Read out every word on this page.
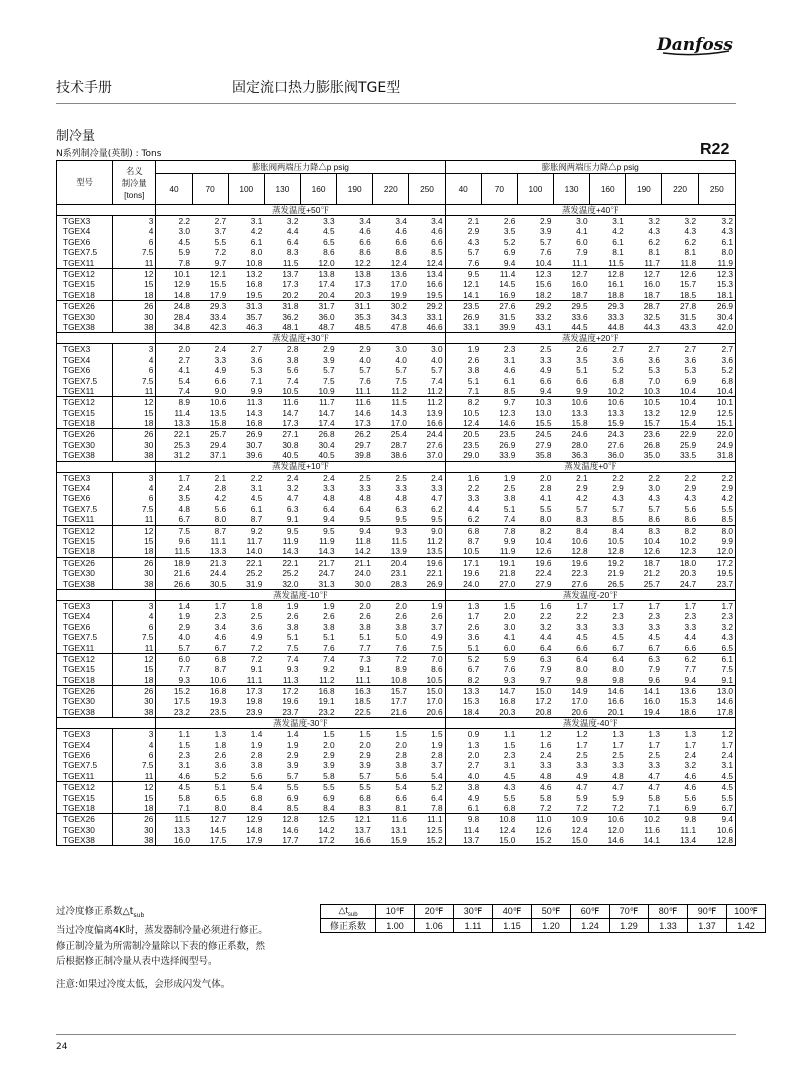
Danfoss
技术手册	固定流口热力膨胀阀TGE型
制冷量
N系列制冷量(英制) : Tons	R22
型号	名义
制冷量
[tons]	膨胀阀两端压力降△p psig								膨胀阀两端压力降△p psig							
		40	70	100	130	160	190	220	250	40	70	100	130	160	190	220	250
		蒸发温度+50℉								蒸发温度+40℉							
TGEX3	3	2.2	2.7	3.1	3.2	3.3	3.4	3.4	3.4	2.1	2.6	2.9	3.0	3.1	3.2	3.2	3.2
TGEX4	4	3.0	3.7	4.2	4.4	4.5	4.6	4.6	4.6	2.9	3.5	3.9	4.1	4.2	4.3	4.3	4.3
TGEX6	6	4.5	5.5	6.1	6.4	6.5	6.6	6.6	6.6	4.3	5.2	5.7	6.0	6.1	6.2	6.2	6.1
TGEX7.5	7.5	5.9	7.2	8.0	8.3	8.6	8.6	8.6	8.5	5.7	6.9	7.6	7.9	8.1	8.1	8.1	8.0
TGEX11	11	7.8	9.7	10.8	11.5	12.0	12.2	12.4	12.4	7.6	9.4	10.4	11.1	11.5	11.7	11.8	11.9
TGEX12	12	10.1	12.1	13.2	13.7	13.8	13.8	13.6	13.4	9.5	11.4	12.3	12.7	12.8	12.7	12.6	12.3
TGEX15	15	12.9	15.5	16.8	17.3	17.4	17.3	17.0	16.6	12.1	14.5	15.6	16.0	16.1	16.0	15.7	15.3
TGEX18	18	14.8	17.9	19.5	20.2	20.4	20.3	19.9	19.5	14.1	16.9	18.2	18.7	18.8	18.7	18.5	18.1
TGEX26	26	24.8	29.3	31.3	31.8	31.7	31.1	30.2	29.2	23.5	27.6	29.2	29.5	29.3	28.7	27.8	26.9
TGEX30	30	28.4	33.4	35.7	36.2	36.0	35.3	34.3	33.1	26.9	31.5	33.2	33.6	33.3	32.5	31.5	30.4
TGEX38	38	34.8	42.3	46.3	48.1	48.7	48.5	47.8	46.6	33.1	39.9	43.1	44.5	44.8	44.3	43.3	42.0
		蒸发温度+30℉								蒸发温度+20℉							
TGEX3	3	2.0	2.4	2.7	2.8	2.9	2.9	3.0	3.0	1.9	2.3	2.5	2.6	2.7	2.7	2.7	2.7
TGEX4	4	2.7	3.3	3.6	3.8	3.9	4.0	4.0	4.0	2.6	3.1	3.3	3.5	3.6	3.6	3.6	3.6
TGEX6	6	4.1	4.9	5.3	5.6	5.7	5.7	5.7	5.7	3.8	4.6	4.9	5.1	5.2	5.3	5.3	5.2
TGEX7.5	7.5	5.4	6.6	7.1	7.4	7.5	7.6	7.5	7.4	5.1	6.1	6.6	6.6	6.8	7.0	6.9	6.8
TGEX11	11	7.4	9.0	9.9	10.5	10.9	11.1	11.2	11.2	7.1	8.5	9.4	9.9	10.2	10.3	10.4	10.4
TGEX12	12	8.9	10.6	11.3	11.6	11.7	11.6	11.5	11.2	8.2	9.7	10.3	10.6	10.6	10.5	10.4	10.1
TGEX15	15	11.4	13.5	14.3	14.7	14.7	14.6	14.3	13.9	10.5	12.3	13.0	13.3	13.3	13.2	12.9	12.5
TGEX18	18	13.3	15.8	16.8	17.3	17.4	17.3	17.0	16.6	12.4	14.6	15.5	15.8	15.9	15.7	15.4	15.1
TGEX26	26	22.1	25.7	26.9	27.1	26.8	26.2	25.4	24.4	20.5	23.5	24.5	24.6	24.3	23.6	22.9	22.0
TGEX30	30	25.3	29.4	30.7	30.8	30.4	29.7	28.7	27.6	23.5	26.9	27.9	28.0	27.6	26.8	25.9	24.9
TGEX38	38	31.2	37.1	39.6	40.5	40.5	39.8	38.6	37.0	29.0	33.9	35.8	36.3	36.0	35.0	33.5	31.8
		蒸发温度+10℉								蒸发温度+0℉							
TGEX3	3	1.7	2.1	2.2	2.4	2.4	2.5	2.5	2.4	1.6	1.9	2.0	2.1	2.2	2.2	2.2	2.2
TGEX4	4	2.4	2.8	3.1	3.2	3.3	3.3	3.3	3.3	2.2	2.5	2.8	2.9	2.9	3.0	2.9	2.9
TGEX6	6	3.5	4.2	4.5	4.7	4.8	4.8	4.8	4.7	3.3	3.8	4.1	4.2	4.3	4.3	4.3	4.2
TGEX7.5	7.5	4.8	5.6	6.1	6.3	6.4	6.4	6.3	6.2	4.4	5.1	5.5	5.7	5.7	5.7	5.6	5.5
TGEX11	11	6.7	8.0	8.7	9.1	9.4	9.5	9.5	9.5	6.2	7.4	8.0	8.3	8.5	8.6	8.6	8.5
TGEX12	12	7.5	8.7	9.2	9.5	9.5	9.4	9.3	9.0	6.8	7.8	8.2	8.4	8.4	8.3	8.2	8.0
TGEX15	15	9.6	11.1	11.7	11.9	11.9	11.8	11.5	11.2	8.7	9.9	10.4	10.6	10.5	10.4	10.2	9.9
TGEX18	18	11.5	13.3	14.0	14.3	14.3	14.2	13.9	13.5	10.5	11.9	12.6	12.8	12.8	12.6	12.3	12.0
TGEX26	26	18.9	21.3	22.1	22.1	21.7	21.1	20.4	19.6	17.1	19.1	19.6	19.6	19.2	18.7	18.0	17.2
TGEX30	30	21.6	24.4	25.2	25.2	24.7	24.0	23.1	22.1	19.6	21.8	22.4	22.3	21.9	21.2	20.3	19.5
TGEX38	38	26.6	30.5	31.9	32.0	31.3	30.0	28.3	26.9	24.0	27.0	27.9	27.6	26.5	25.7	24.7	23.7
		蒸发温度-10℉								蒸发温度-20℉							
TGEX3	3	1.4	1.7	1.8	1.9	1.9	2.0	2.0	1.9	1.3	1.5	1.6	1.7	1.7	1.7	1.7	1.7
TGEX4	4	1.9	2.3	2.5	2.6	2.6	2.6	2.6	2.6	1.7	2.0	2.2	2.2	2.3	2.3	2.3	2.3
TGEX6	6	2.9	3.4	3.6	3.8	3.8	3.8	3.8	3.7	2.6	3.0	3.2	3.3	3.3	3.3	3.3	3.2
TGEX7.5	7.5	4.0	4.6	4.9	5.1	5.1	5.1	5.0	4.9	3.6	4.1	4.4	4.5	4.5	4.5	4.4	4.3
TGEX11	11	5.7	6.7	7.2	7.5	7.6	7.7	7.6	7.5	5.1	6.0	6.4	6.6	6.7	6.7	6.6	6.5
TGEX12	12	6.0	6.8	7.2	7.4	7.4	7.3	7.2	7.0	5.2	5.9	6.3	6.4	6.4	6.3	6.2	6.1
TGEX15	15	7.7	8.7	9.1	9.3	9.2	9.1	8.9	8.6	6.7	7.6	7.9	8.0	8.0	7.9	7.7	7.5
TGEX18	18	9.3	10.6	11.1	11.3	11.2	11.1	10.8	10.5	8.2	9.3	9.7	9.8	9.8	9.6	9.4	9.1
TGEX26	26	15.2	16.8	17.3	17.2	16.8	16.3	15.7	15.0	13.3	14.7	15.0	14.9	14.6	14.1	13.6	13.0
TGEX30	30	17.5	19.3	19.8	19.6	19.1	18.5	17.7	17.0	15.3	16.8	17.2	17.0	16.6	16.0	15.3	14.6
TGEX38	38	23.2	23.5	23.9	23.7	23.2	22.5	21.6	20.6	18.4	20.3	20.8	20.6	20.1	19.4	18.6	17.8
		蒸发温度-30℉								蒸发温度-40℉							
TGEX3	3	1.1	1.3	1.4	1.4	1.5	1.5	1.5	1.5	0.9	1.1	1.2	1.2	1.3	1.3	1.3	1.2
TGEX4	4	1.5	1.8	1.9	1.9	2.0	2.0	2.0	1.9	1.3	1.5	1.6	1.7	1.7	1.7	1.7	1.7
TGEX6	6	2.3	2.6	2.8	2.9	2.9	2.9	2.8	2.8	2.0	2.3	2.4	2.5	2.5	2.5	2.4	2.4
TGEX7.5	7.5	3.1	3.6	3.8	3.9	3.9	3.9	3.8	3.7	2.7	3.1	3.3	3.3	3.3	3.3	3.2	3.1
TGEX11	11	4.6	5.2	5.6	5.7	5.8	5.7	5.6	5.4	4.0	4.5	4.8	4.9	4.8	4.7	4.6	4.5
TGEX12	12	4.5	5.1	5.4	5.5	5.5	5.5	5.4	5.2	3.8	4.3	4.6	4.7	4.7	4.7	4.6	4.5
TGEX15	15	5.8	6.5	6.8	6.9	6.9	6.8	6.6	6.4	4.9	5.5	5.8	5.9	5.9	5.8	5.6	5.5
TGEX18	18	7.1	8.0	8.4	8.5	8.4	8.3	8.1	7.8	6.1	6.8	7.2	7.2	7.2	7.1	6.9	6.7
TGEX26	26	11.5	12.7	12.9	12.8	12.5	12.1	11.6	11.1	9.8	10.8	11.0	10.9	10.6	10.2	9.8	9.4
TGEX30	30	13.3	14.5	14.8	14.6	14.2	13.7	13.1	12.5	11.4	12.4	12.6	12.4	12.0	11.6	11.1	10.6
TGEX38	38	16.0	17.5	17.9	17.7	17.2	16.6	15.9	15.2	13.7	15.0	15.2	15.0	14.6	14.1	13.4	12.8
过冷度修正系数$\triangle t_{sub}$
当过冷度偏离4K时，蒸发器制冷量必须进行修正。
修正制冷量为所需制冷量除以下表的修正系数，然
后根据修正制冷量从表中选择阀型号。
注意:如果过冷度太低，会形成闪发气体。
$\triangle t_{sub}$	10℉	20℉	30℉	40℉	50℉	60℉	70℉	80℉	90℉	100℉
修正系数	1.00	1.06	1.11	1.15	1.20	1.24	1.29	1.33	1.37	1.42
24
